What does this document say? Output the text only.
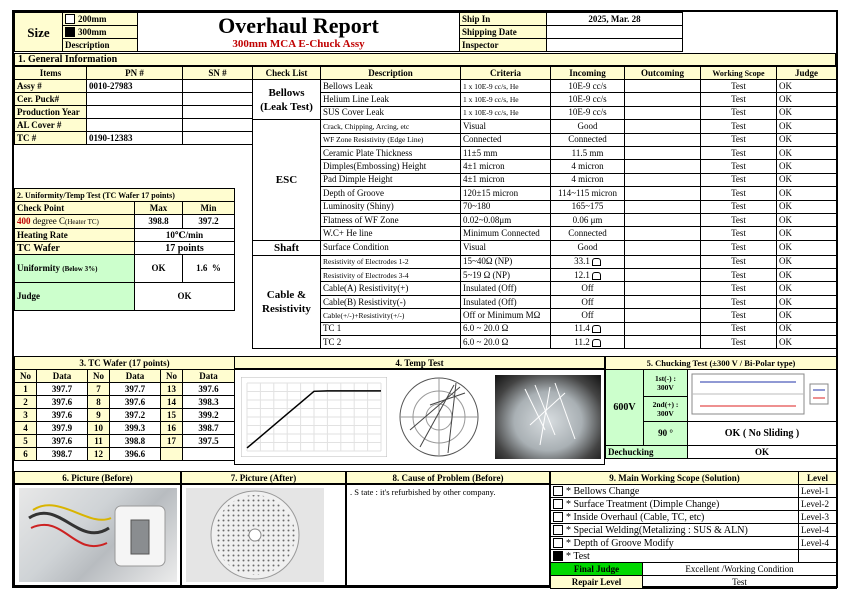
Size	200mm	Overhaul Report	Ship In	2025, Mar. 28
	300mm		Shipping Date	
	Description	300mm MCA E-Chuck Assy	Inspector	
1. General Information
Items	PN #	SN #
Assy #	0010-27983	
Cer. Puck#		
Production Year		
AL Cover #		
TC #	0190-12383	
2. Uniformity/Temp Test (TC Wafer 17 points)		
Check Point	Max	Min
400 degree C(Heater TC)	398.8	397.2
Heating Rate	10℃/min	
TC Wafer	17 points	
Uniformity (Below 3%)	OK	1.6 %
Judge	OK	
Check List	Description	Criteria	Incoming	Outcoming	Working Scope	Judge
Bellows (Leak Test)	Bellows Leak	1 x 10E-9 cc/s, He	10E-9 cc/s		Test	OK
	Helium Line Leak	1 x 10E-9 cc/s, He	10E-9 cc/s		Test	OK
	SUS Cover Leak	1 x 10E-9 cc/s, He	10E-9 cc/s		Test	OK
ESC	Crack, Chipping, Arcing, etc	Visual	Good		Test	OK
	WF Zone Resistivity (Edge Line)	Connected	Connected		Test	OK
	Ceramic Plate Thickness	11±5 mm	11.5 mm		Test	OK
	Dimples(Embossing) Height	4±1 micron	4 micron		Test	OK
	Pad Dimple Height	4±1 micron	4 micron		Test	OK
	Depth of Groove	120±15 micron	114~115 micron		Test	OK
	Luminosity (Shiny)	70~180	165~175		Test	OK
	Flatness of WF Zone	0.02~0.08μm	0.06 μm		Test	OK
	W.C+ He line	Minimum Connected	Connected		Test	OK
Shaft	Surface Condition	Visual	Good		Test	OK
Cable & Resistivity	Resistivity of Electrodes 1-2	15~40Ω (NP)	33.1		Test	OK
	Resistivity of Electrodes 3-4	5~19 Ω (NP)	12.1		Test	OK
	Cable(A) Resistivity(+)	Insulated (Off)	Off		Test	OK
	Cable(B) Resistivity(-)	Insulated (Off)	Off		Test	OK
	Cable(+/-)+Resistivity(+/-)	Off or Minimum MΩ	Off		Test	OK
	TC 1	6.0 ~ 20.0 Ω	11.4		Test	OK
	TC 2	6.0 ~ 20.0 Ω	11.2		Test	OK
3. TC Wafer (17 points)					
No	Data	No	Data	No	Data
1	397.7	7	397.7	13	397.6
2	397.6	8	397.6	14	398.3
3	397.6	9	397.2	15	399.2
4	397.9	10	399.3	16	398.7
5	397.6	11	398.8	17	397.5
6	398.7	12	396.6		
4. Temp Test	5. Chucking Test (±300 V / Bi-Polar type)		
600V	1st(-) : 300V	
	2nd(+) : 300V	
	90 °	OK ( No Sliding )
Dechucking		OK
6. Picture (Before)	7. Picture (After)	8. Cause of Problem (Before)
. S tate : it's refurbished by other company.
9. Main Working Scope (Solution)		Level
* Bellows Change		Level-1
* Surface Treatment (Dimple Change)		Level-2
* Inside Overhaul (Cable, TC, etc)		Level-3
* Special Welding(Metalizing : SUS & ALN)		Level-4
* Depth of Groove Modify		Level-4
* Test		
Final Judge	Excellent /Working Condition	
Repair Level	Test	
